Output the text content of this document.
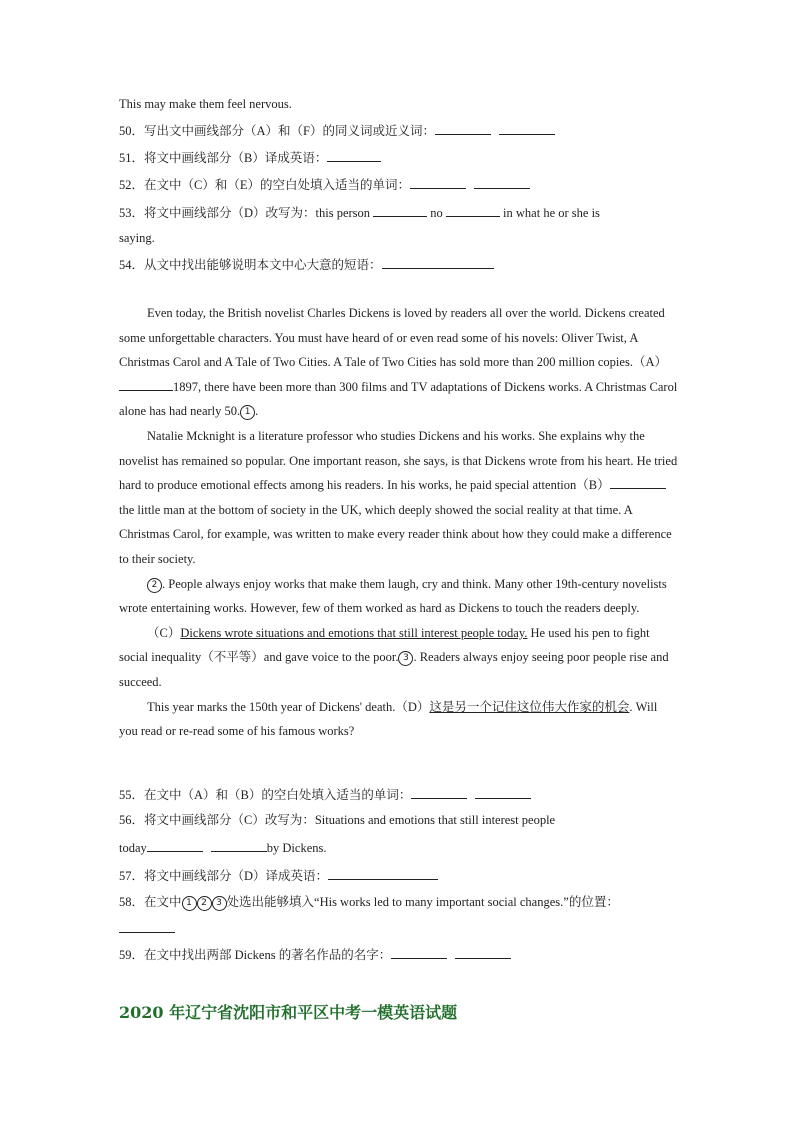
This may make them feel nervous.
50．写出文中画线部分（A）和（F）的同义词或近义词：
51．将文中画线部分（B）译成英语：
52．在文中（C）和（E）的空白处填入适当的单词：
53．将文中画线部分（D）改写为：this person	no	in what he or she is
saying.
54．从文中找出能够说明本文中心大意的短语：

Even today, the British novelist Charles Dickens is loved by readers all over the world. Dickens created some unforgettable characters. You must have heard of or even read some of his novels: Oliver Twist, A Christmas Carol and A Tale of Two Cities. A Tale of Two Cities has sold more than 200 million copies.（A）1897, there have been more than 300 films and TV adaptations of Dickens works. A Christmas Carol alone has had nearly 50. 1 .

Natalie Mcknight is a literature professor who studies Dickens and his works. She explains why the novelist has remained so popular. One important reason, she says, is that Dickens wrote from his heart. He tried hard to produce emotional effects among his readers. In his works, he paid special attention（B）the little man at the bottom of society in the UK, which deeply showed the social reality at that time. A Christmas Carol, for example, was written to make every reader think about how they could make a difference to their society.

2 . People always enjoy works that make them laugh, cry and think. Many other 19th-century novelists wrote entertaining works. However, few of them worked as hard as Dickens to touch the readers deeply.

（C）Dickens wrote situations and emotions that still interest people today. He used his pen to fight social inequality（不平等）and gave voice to the poor. 3 . Readers always enjoy seeing poor people rise and succeed.

This year marks the 150th year of Dickens' death.（D）这是另一个记住这位伟大作家的机会. Will you read or re-read some of his famous works?

55．在文中（A）和（B）的空白处填入适当的单词：
56．将文中画线部分（C）改写为：Situations and emotions that still interest people
today	by Dickens.
57．将文中画线部分（D）译成英语：
58．在文中 1 2 3 处选出能够填入“His works led to many important social changes.”的位置：
59．在文中找出两部 Dickens 的著名作品的名字：
2020 年辽宁省沈阳市和平区中考一模英语试题
